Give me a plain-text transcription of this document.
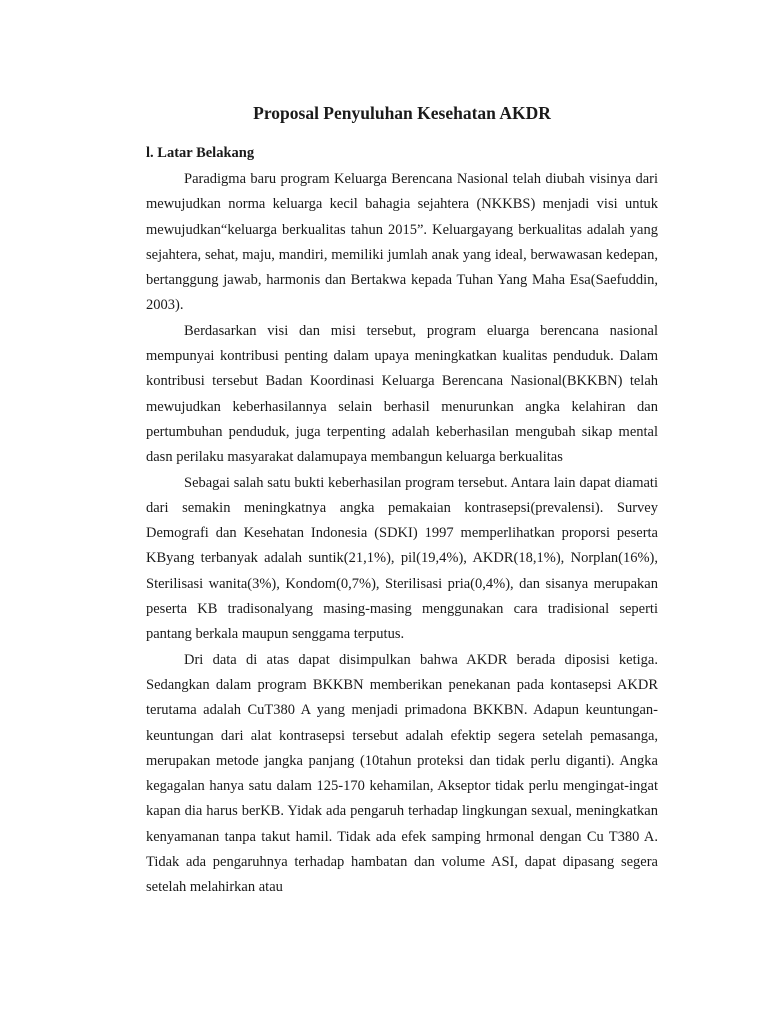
Proposal Penyuluhan Kesehatan AKDR
l. Latar Belakang

Paradigma baru program Keluarga Berencana Nasional telah diubah visinya dari mewujudkan norma keluarga kecil bahagia sejahtera (NKKBS) menjadi visi untuk mewujudkan“keluarga berkualitas tahun 2015”. Keluargayang berkualitas adalah yang sejahtera, sehat, maju, mandiri, memiliki jumlah anak yang ideal, berwawasan kedepan, bertanggung jawab, harmonis dan Bertakwa kepada Tuhan Yang Maha Esa(Saefuddin, 2003).

Berdasarkan visi dan misi tersebut, program eluarga berencana nasional mempunyai kontribusi penting dalam upaya meningkatkan kualitas penduduk. Dalam kontribusi tersebut Badan Koordinasi Keluarga Berencana Nasional(BKKBN) telah mewujudkan keberhasilannya selain berhasil menurunkan angka kelahiran dan pertumbuhan penduduk, juga terpenting adalah keberhasilan mengubah sikap mental dasn perilaku masyarakat dalamupaya membangun keluarga berkualitas

Sebagai salah satu bukti keberhasilan program tersebut. Antara lain dapat diamati dari semakin meningkatnya angka pemakaian kontrasepsi(prevalensi). Survey Demografi dan Kesehatan Indonesia (SDKI) 1997 memperlihatkan proporsi peserta KByang terbanyak adalah suntik(21,1%), pil(19,4%), AKDR(18,1%), Norplan(16%), Sterilisasi wanita(3%), Kondom(0,7%), Sterilisasi pria(0,4%), dan sisanya merupakan peserta KB tradisonalyang masing-masing menggunakan cara tradisional seperti pantang berkala maupun senggama terputus.

Dri data di atas dapat disimpulkan bahwa AKDR berada diposisi ketiga. Sedangkan dalam program BKKBN memberikan penekanan pada kontasepsi AKDR terutama adalah CuT380 A yang menjadi primadona BKKBN. Adapun keuntungan-keuntungan dari alat kontrasepsi tersebut adalah efektip segera setelah pemasanga, merupakan metode jangka panjang (10tahun proteksi dan tidak perlu diganti). Angka kegagalan hanya satu dalam 125-170 kehamilan, Akseptor tidak perlu mengingat-ingat kapan dia harus berKB. Yidak ada pengaruh terhadap lingkungan sexual, meningkatkan kenyamanan tanpa takut hamil. Tidak ada efek samping hrmonal dengan Cu T380 A. Tidak ada pengaruhnya terhadap hambatan dan volume ASI, dapat dipasang segera setelah melahirkan atau
